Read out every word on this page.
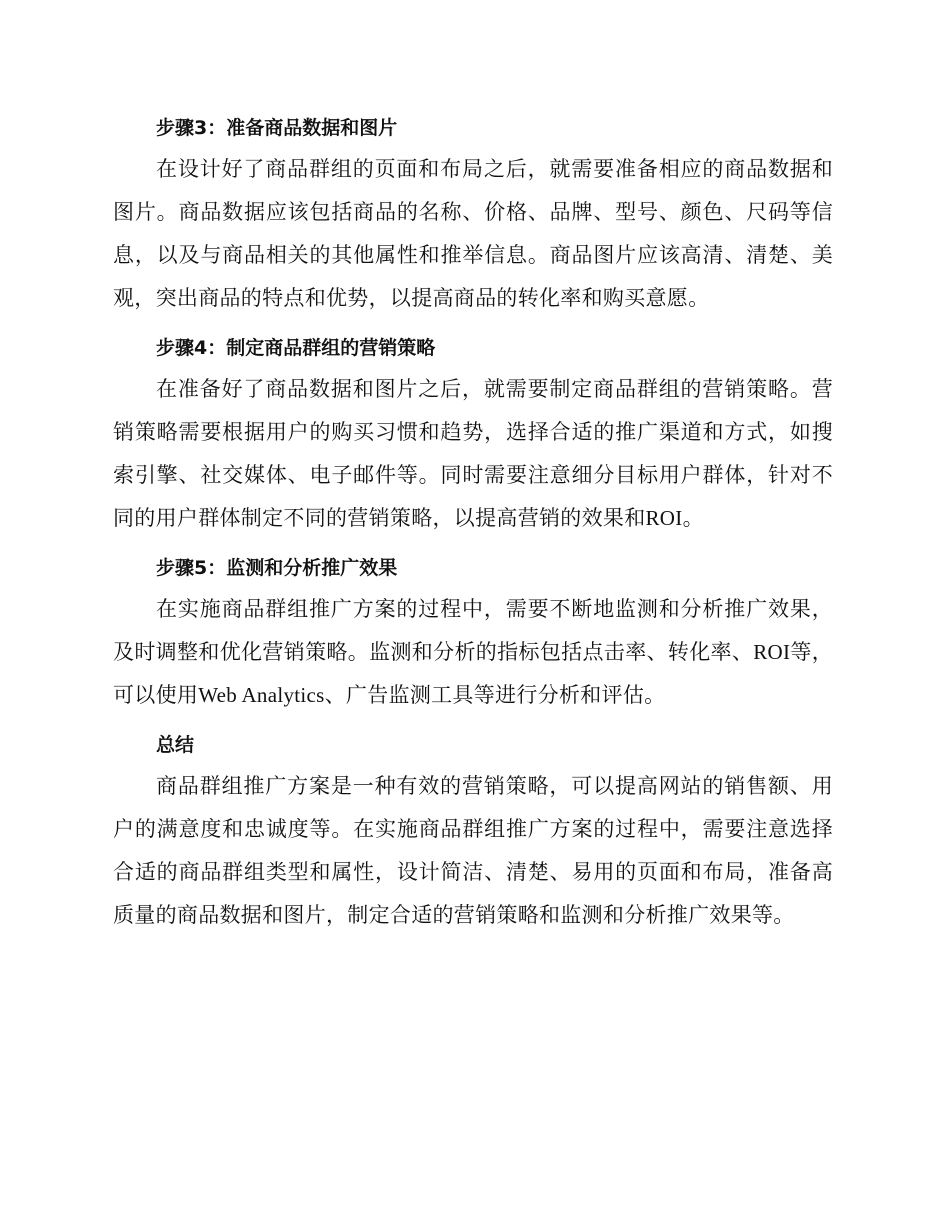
步骤3：准备商品数据和图片

在设计好了商品群组的页面和布局之后，就需要准备相应的商品数据和图片。商品数据应该包括商品的名称、价格、品牌、型号、颜色、尺码等信息，以及与商品相关的其他属性和推举信息。商品图片应该高清、清楚、美观，突出商品的特点和优势，以提高商品的转化率和购买意愿。

步骤4：制定商品群组的营销策略

在准备好了商品数据和图片之后，就需要制定商品群组的营销策略。营销策略需要根据用户的购买习惯和趋势，选择合适的推广渠道和方式，如搜索引擎、社交媒体、电子邮件等。同时需要注意细分目标用户群体，针对不同的用户群体制定不同的营销策略，以提高营销的效果和ROI。

步骤5：监测和分析推广效果

在实施商品群组推广方案的过程中，需要不断地监测和分析推广效果，及时调整和优化营销策略。监测和分析的指标包括点击率、转化率、ROI等，可以使用Web Analytics、广告监测工具等进行分析和评估。

总结

商品群组推广方案是一种有效的营销策略，可以提高网站的销售额、用户的满意度和忠诚度等。在实施商品群组推广方案的过程中，需要注意选择合适的商品群组类型和属性，设计简洁、清楚、易用的页面和布局，准备高质量的商品数据和图片，制定合适的营销策略和监测和分析推广效果等。
